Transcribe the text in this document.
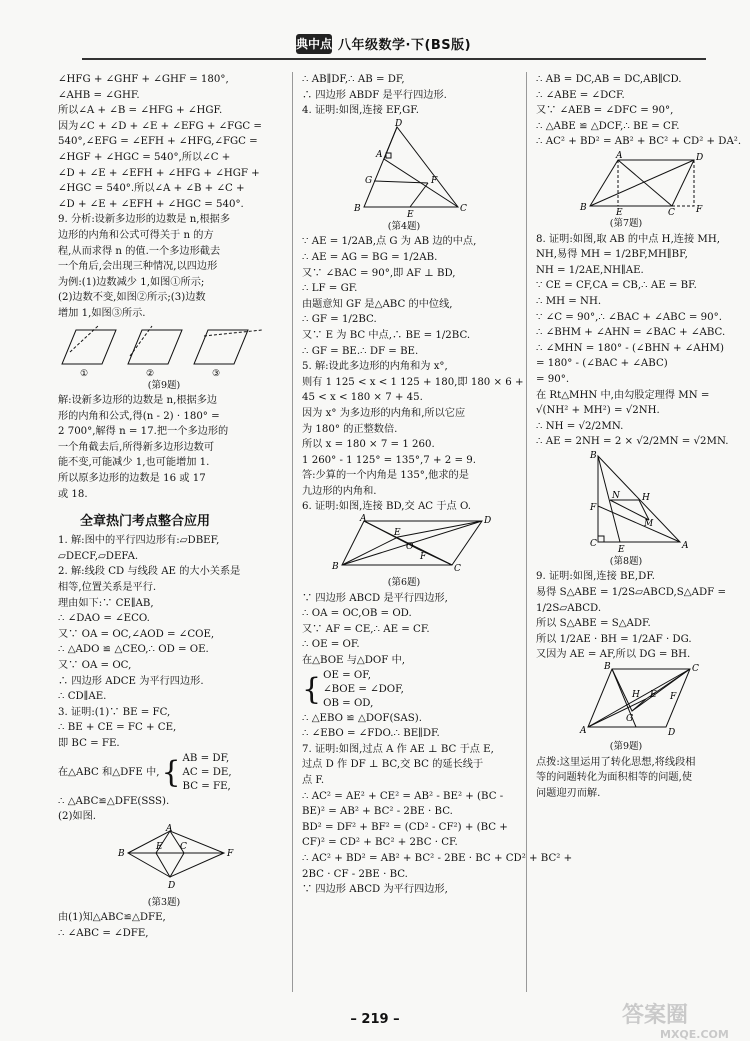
典中点 八年级数学·下(BS版)
∠HFG + ∠GHF + ∠GHF = 180°,
∠AHB = ∠GHF.
所以∠A + ∠B = ∠HFG + ∠HGF.
因为∠C + ∠D + ∠E + ∠EFG + ∠FGC =
540°,∠EFG = ∠EFH + ∠HFG,∠FGC =
∠HGF + ∠HGC = 540°,所以∠C +
∠D + ∠E + ∠EFH + ∠HFG + ∠HGF +
∠HGC = 540°.所以∠A + ∠B + ∠C +
∠D + ∠E + ∠EFH + ∠HGC = 540°.
9. 分析:设新多边形的边数是 n,根据多
边形的内角和公式可得关于 n 的方
程,从而求得 n 的值.一个多边形截去
一个角后,会出现三种情况,以四边形
为例:(1)边数减少 1,如图①所示;
(2)边数不变,如图②所示;(3)边数
增加 1,如图③所示.
①	②	③
(第9题)
解:设新多边形的边数是 n,根据多边
形的内角和公式,得(n - 2) · 180° =
2 700°,解得 n = 17.把一个多边形的
一个角截去后,所得新多边形边数可
能不变,可能减少 1,也可能增加 1.
所以原多边形的边数是 16 或 17
或 18.
全章热门考点整合应用
1. 解:图中的平行四边形有:▱DBEF,
▱DECF,▱DEFA.
2. 解:线段 CD 与线段 AE 的大小关系是
相等,位置关系是平行.
理由如下:∵ CE∥AB,
∴ ∠DAO = ∠ECO.
又∵ OA = OC,∠AOD = ∠COE,
∴ △ADO ≌ △CEO,∴ OD = OE.
又∵ OA = OC,
∴ 四边形 ADCE 为平行四边形.
∴ CD∥AE.
3. 证明:(1)∵ BE = FC,
∴ BE + CE = FC + CE,
即 BC = FE.
在△ABC 和△DFE 中, { AB = DF,
AC = DE,
BC = FE,
∴ △ABC≌△DFE(SSS).
(2)如图.
A
B
E C
F
D
(第3题)
由(1)知△ABC≌△DFE,
∴ ∠ABC = ∠DFE,
∴ AB∥DF,∴ AB = DF,
∴ 四边形 ABDF 是平行四边形.
4. 证明:如图,连接 EF,GF.
D
A
G	F
B
E
C
(第4题)
∵ AE = 1/2AB,点 G 为 AB 边的中点,
∴ AE = AG = BG = 1/2AB.
又∵ ∠BAC = 90°,即 AF ⊥ BD,
∴ LF = GF.
由题意知 GF 是△ABC 的中位线,
∴ GF = 1/2BC.
又∵ E 为 BC 中点,∴ BE = 1/2BC.
∴ GF = BE.∴ DF = BE.
5. 解:设此多边形的内角和为 x°,
则有 1 125 < x < 1 125 + 180,即 180 × 6 +
45 < x < 180 × 7 + 45.
因为 x° 为多边形的内角和,所以它应
为 180° 的正整数倍.
所以 x = 180 × 7 = 1 260.
1 260° - 1 125° = 135°,7 + 2 = 9.
答:少算的一个内角是 135°,他求的是
九边形的内角和.
6. 证明:如图,连接 BD,交 AC 于点 O.
A	D
E
O
B
F
C
(第6题)
∵ 四边形 ABCD 是平行四边形,
∴ OA = OC,OB = OD.
又∵ AF = CE,∴ AE = CF.
∴ OE = OF.
在△BOE 与△DOF 中,
{ OE = OF,
∠BOE = ∠DOF,
OB = OD,
∴ △EBO ≌ △DOF(SAS).
∴ ∠EBO = ∠FDO.∴ BE∥DF.
7. 证明:如图,过点 A 作 AE ⊥ BC 于点 E,
过点 D 作 DF ⊥ BC,交 BC 的延长线于
点 F.
∴ AC² = AE² + CE² = AB² - BE² + (BC -
BE)² = AB² + BC² - 2BE · BC.
BD² = DF² + BF² = (CD² - CF²) + (BC +
CF)² = CD² + BC² + 2BC · CF.
∴ AC² + BD² = AB² + BC² - 2BE · BC + CD² + BC² +
2BC · CF - 2BE · BC.
∵ 四边形 ABCD 为平行四边形,
∴ AB = DC,AB = DC,AB∥CD.
∴ ∠ABE = ∠DCF.
又∵ ∠AEB = ∠DFC = 90°,
∴ △ABE ≌ △DCF,∴ BE = CF.
∴ AC² + BD² = AB² + BC² + CD² + DA².
A	D
B	E	C F
(第7题)
8. 证明:如图,取 AB 的中点 H,连接 MH,
NH,易得 MH = 1/2BF,MH∥BF,
NH = 1/2AE,NH∥AE.
∵ CE = CF,CA = CB,∴ AE = BF.
∴ MH = NH.
∵ ∠C = 90°,∴ ∠BAC + ∠ABC = 90°.
∴ ∠BHM + ∠AHN = ∠BAC + ∠ABC.
∴ ∠MHN = 180° - (∠BHN + ∠AHM)
= 180° - (∠BAC + ∠ABC)
= 90°.
在 Rt△MHN 中,由勾股定理得 MN =
√(NH² + MH²) = √2NH.
∴ NH = √2/2MN.
∴ AE = 2NH = 2 × √2/2MN = √2MN.
B
N H
F
M
C
E	A
(第8题)
9. 证明:如图,连接 BE,DF.
易得 S△ABE = 1/2S▱ABCD,S△ADF =
1/2S▱ABCD.
所以 S△ABE = S△ADF.
所以 1/2AE · BH = 1/2AF · DG.
又因为 AE = AF,所以 DG = BH.
B	C
H E F
D
G
A
(第9题)
点拨:这里运用了转化思想,将线段相
等的问题转化为面积相等的问题,使
问题迎刃而解.
– 219 –	答案圈
MXQE.COM
